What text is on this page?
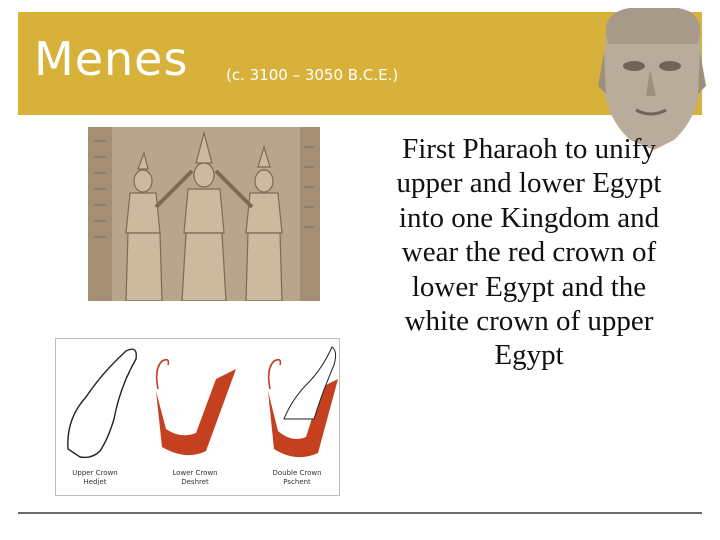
Menes	(c. 3100 – 3050 B.C.E.)
Upper Crown
Hedjet
Lower Crown
Deshret
Double Crown
Pschent
First Pharaoh to unify upper and lower Egypt into one Kingdom and wear the red crown of lower Egypt and the white crown of upper Egypt
